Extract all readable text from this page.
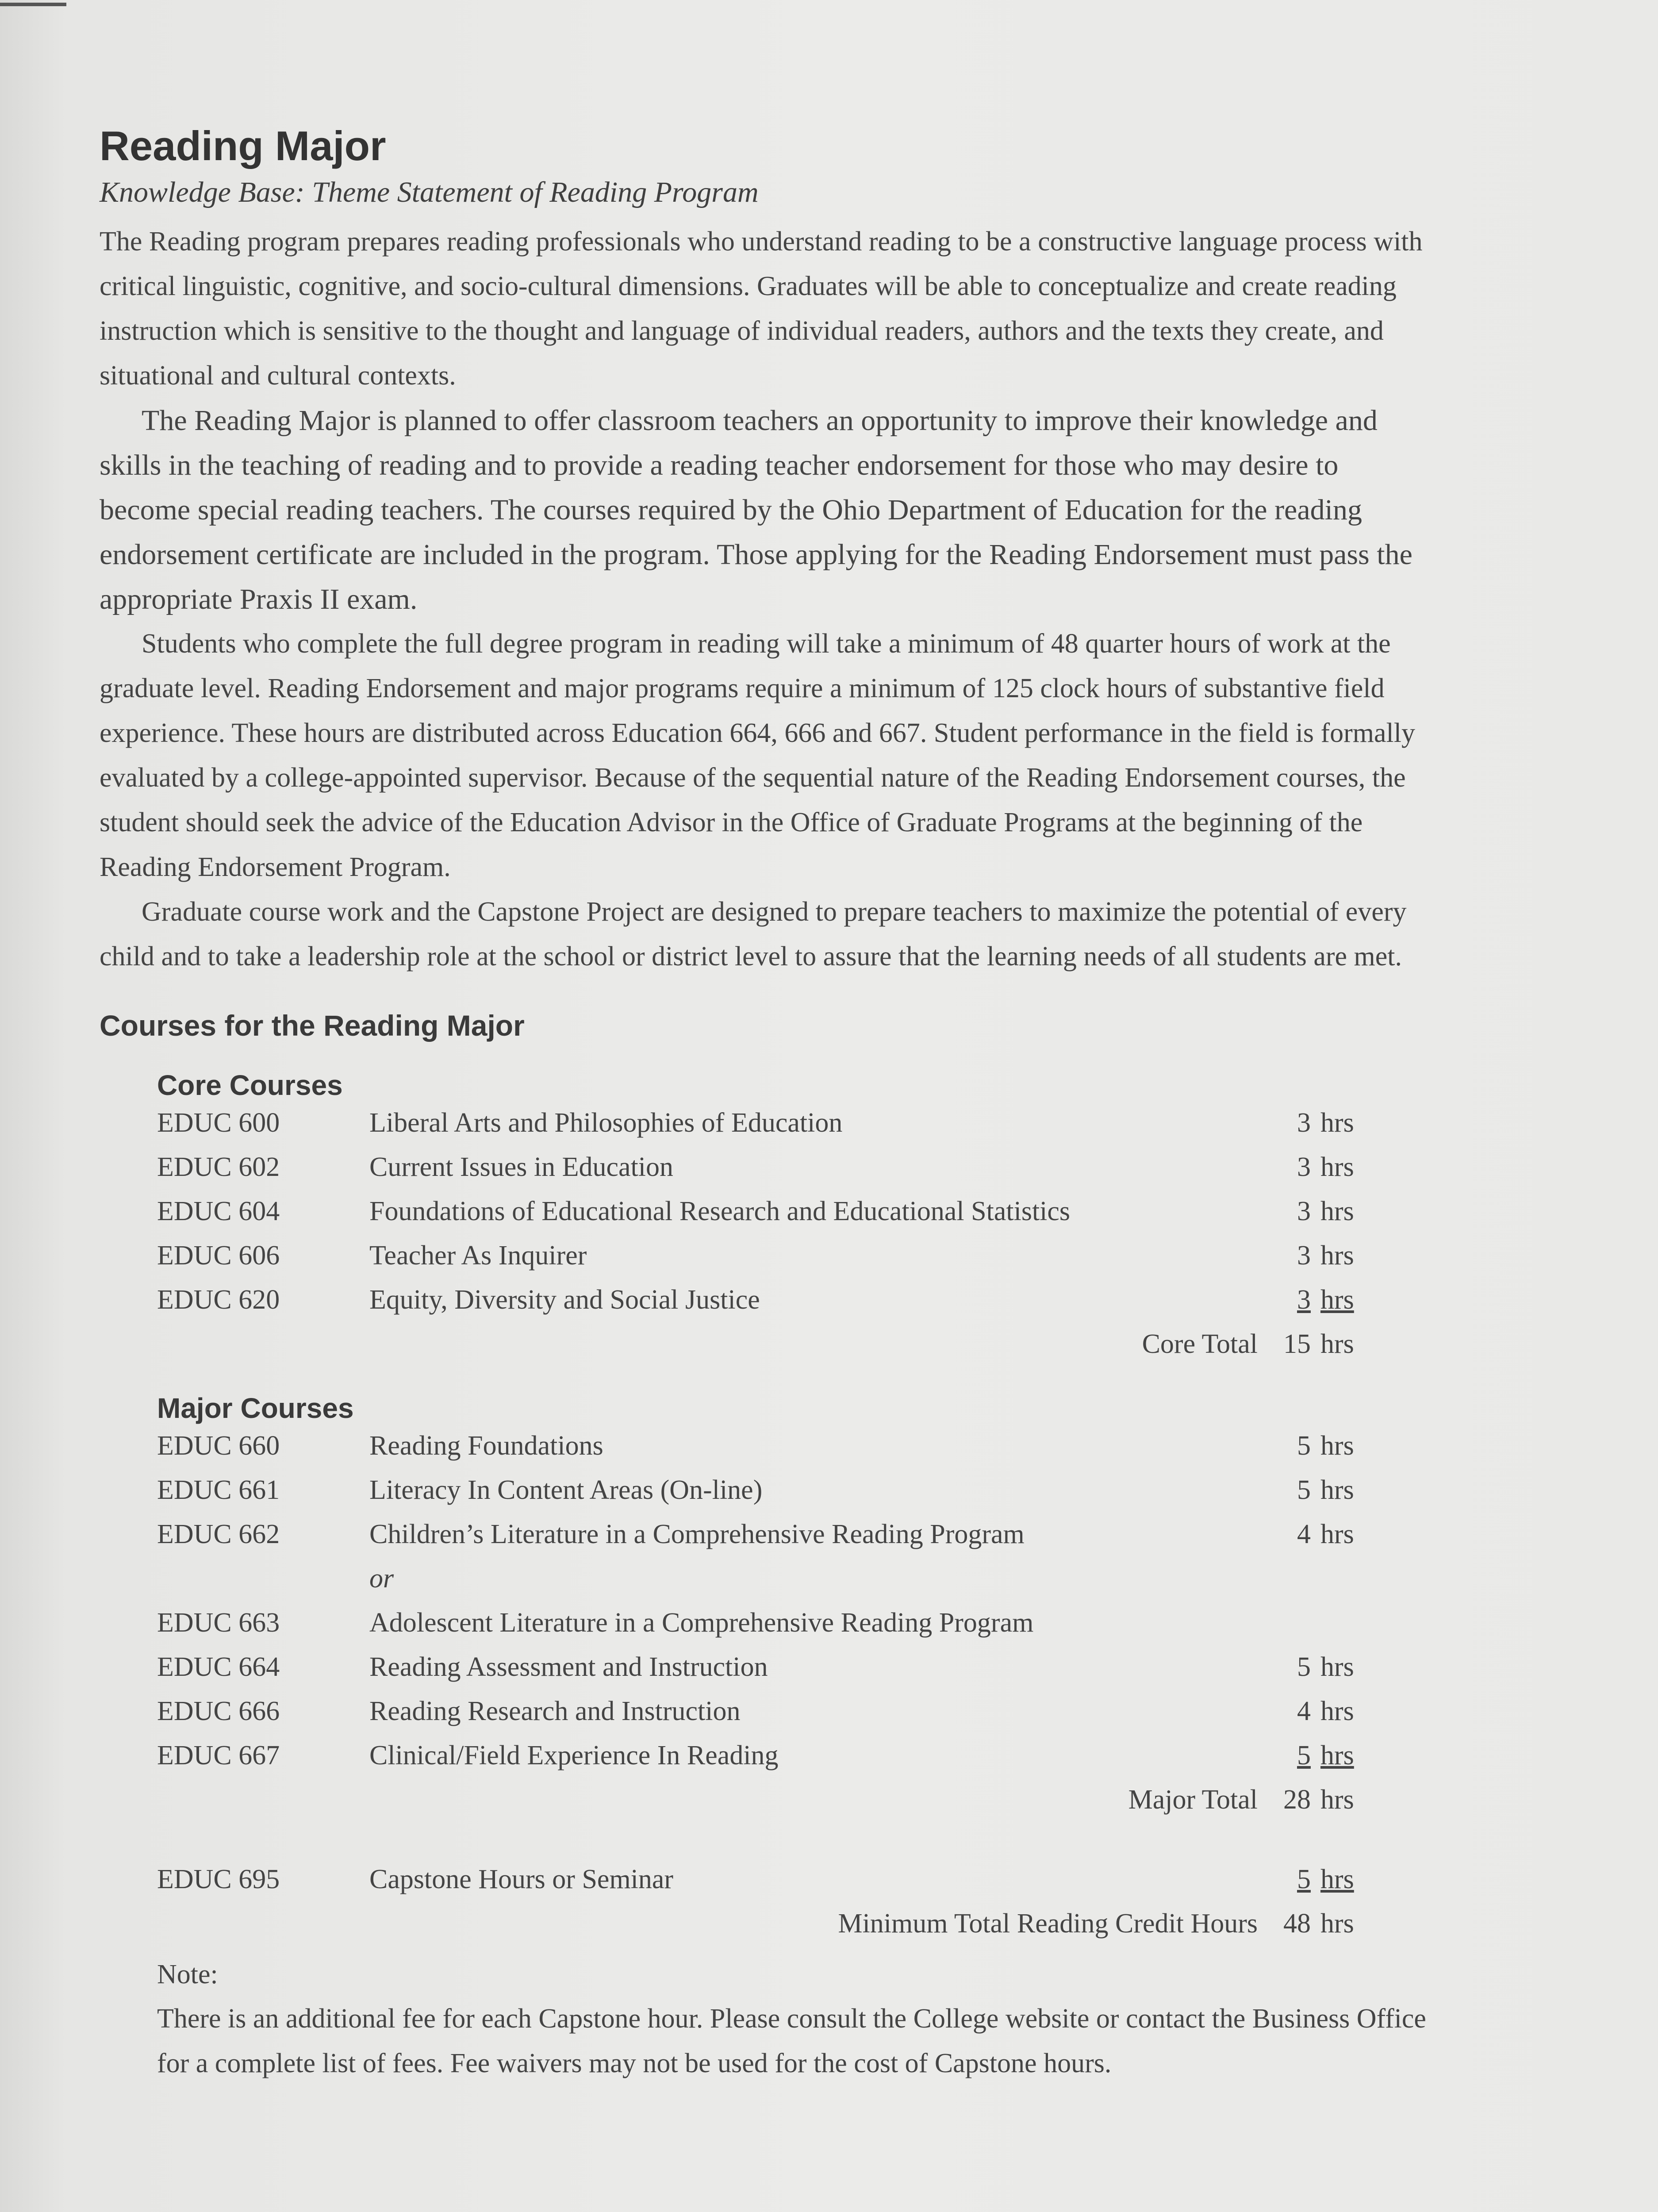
Reading Major

Knowledge Base: Theme Statement of Reading Program

The Reading program prepares reading professionals who understand reading to be a constructive language process with critical linguistic, cognitive, and socio-cultural dimensions. Graduates will be able to conceptualize and create reading instruction which is sensitive to the thought and language of individual readers, authors and the texts they create, and situational and cultural contexts.

The Reading Major is planned to offer classroom teachers an opportunity to improve their knowledge and skills in the teaching of reading and to provide a reading teacher endorsement for those who may desire to become special reading teachers. The courses required by the Ohio Department of Education for the reading endorsement certificate are included in the program. Those applying for the Reading Endorsement must pass the appropriate Praxis II exam.

Students who complete the full degree program in reading will take a minimum of 48 quarter hours of work at the graduate level. Reading Endorsement and major programs require a minimum of 125 clock hours of substantive field experience. These hours are distributed across Education 664, 666 and 667. Student performance in the field is formally evaluated by a college-appointed supervisor. Because of the sequential nature of the Reading Endorsement courses, the student should seek the advice of the Education Advisor in the Office of Graduate Programs at the beginning of the Reading Endorsement Program.

Graduate course work and the Capstone Project are designed to prepare teachers to maximize the potential of every child and to take a leadership role at the school or district level to assure that the learning needs of all students are met.

Courses for the Reading Major
Core Courses
EDUC 600	Liberal Arts and Philosophies of Education	3 hrs
EDUC 602	Current Issues in Education	3 hrs
EDUC 604	Foundations of Educational Research and Educational Statistics	3 hrs
EDUC 606	Teacher As Inquirer	3 hrs
EDUC 620	Equity, Diversity and Social Justice	3 hrs
Core Total 15 hrs
Major Courses
EDUC 660	Reading Foundations	5 hrs
EDUC 661	Literacy In Content Areas (On-line)	5 hrs
EDUC 662	Children’s Literature in a Comprehensive Reading Program	4 hrs
or
EDUC 663	Adolescent Literature in a Comprehensive Reading Program
EDUC 664	Reading Assessment and Instruction	5 hrs
EDUC 666	Reading Research and Instruction	4 hrs
EDUC 667	Clinical/Field Experience In Reading	5 hrs
Major Total 28 hrs
EDUC 695	Capstone Hours or Seminar	5 hrs
Minimum Total Reading Credit Hours 48 hrs
Note:
There is an additional fee for each Capstone hour. Please consult the College website or contact the Business Office for a complete list of fees. Fee waivers may not be used for the cost of Capstone hours.
